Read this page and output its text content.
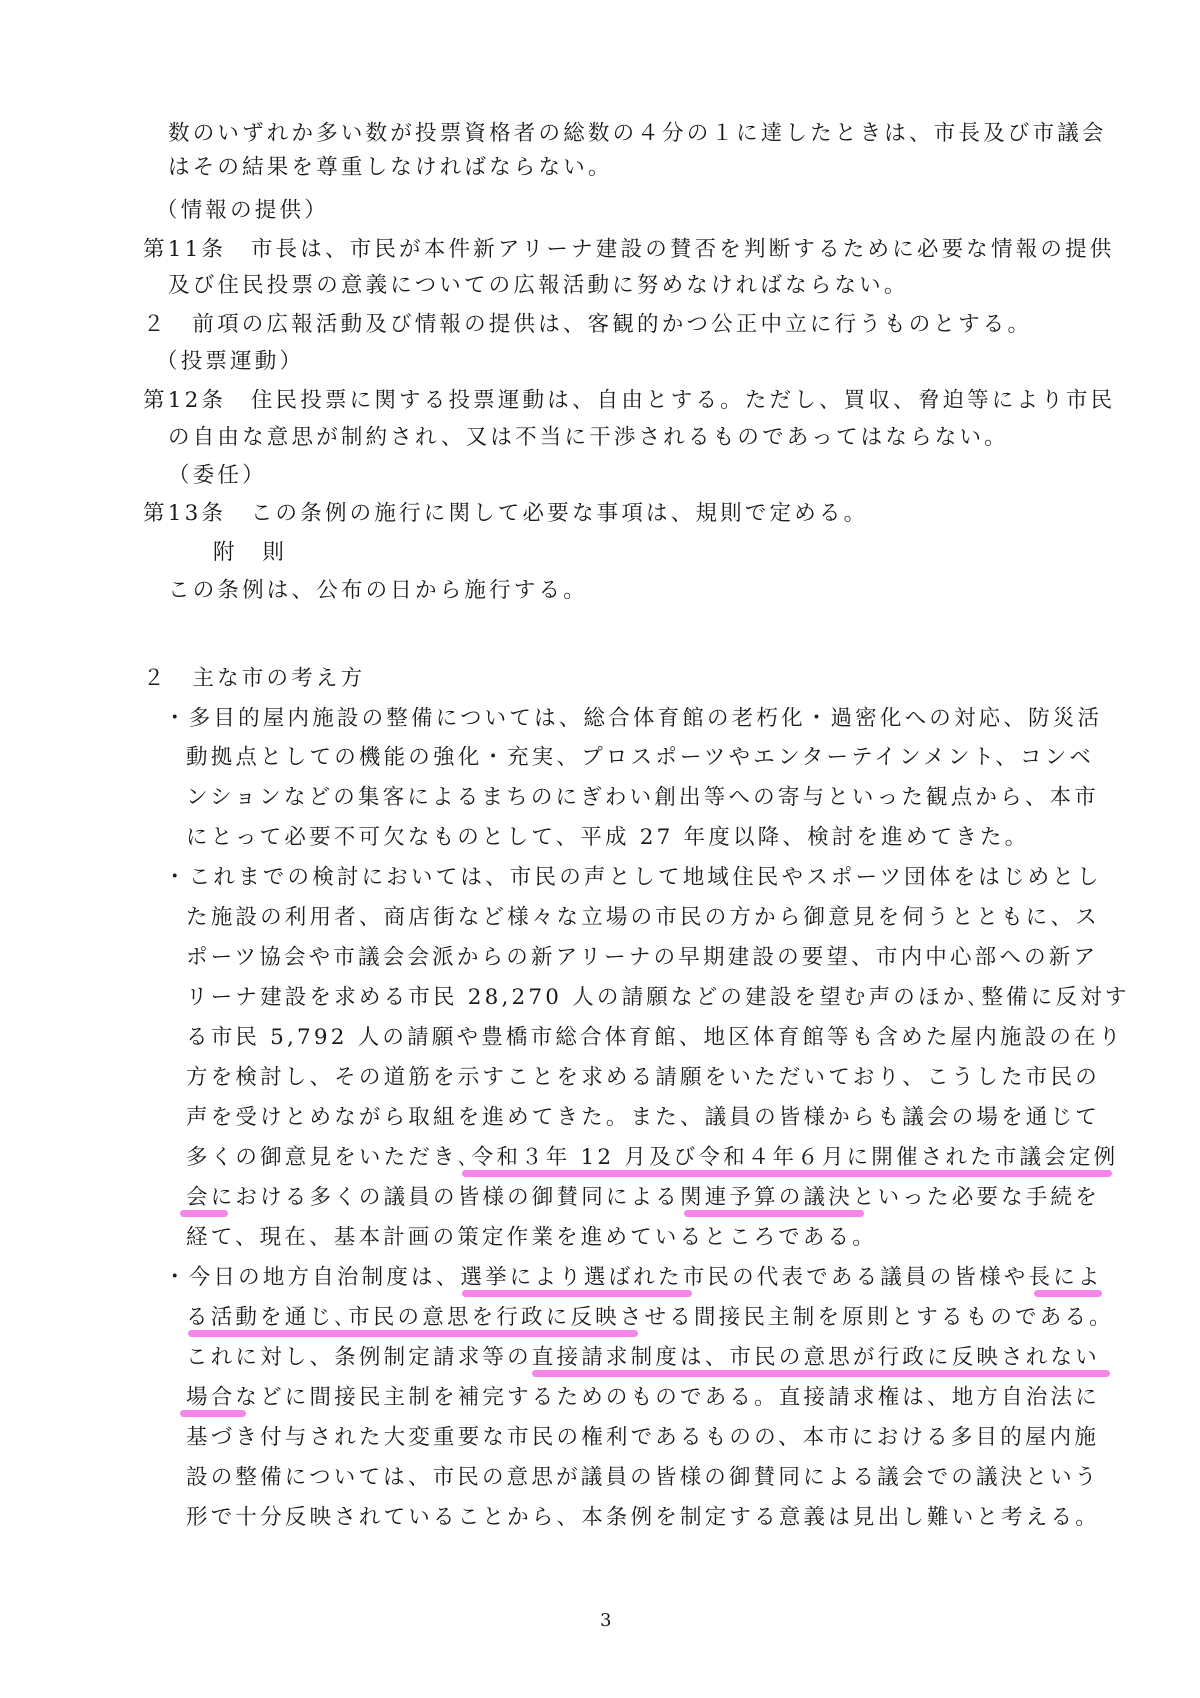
数のいずれか多い数が投票資格者の総数の４分の１に達したときは、市長及び市議会
はその結果を尊重しなければならない。
（情報の提供）
第11条　市長は、市民が本件新アリーナ建設の賛否を判断するために必要な情報の提供
及び住民投票の意義についての広報活動に努めなければならない。
２　前項の広報活動及び情報の提供は、客観的かつ公正中立に行うものとする。
（投票運動）
第12条　住民投票に関する投票運動は、自由とする。ただし、買収、脅迫等により市民
の自由な意思が制約され、又は不当に干渉されるものであってはならない。
（委任）
第13条　この条例の施行に関して必要な事項は、規則で定める。
附　則
この条例は、公布の日から施行する。
２　主な市の考え方
・多目的屋内施設の整備については、総合体育館の老朽化・過密化への対応、防災活
動拠点としての機能の強化・充実、プロスポーツやエンターテインメント、コンベ
ンションなどの集客によるまちのにぎわい創出等への寄与といった観点から、本市
にとって必要不可欠なものとして、平成 27 年度以降、検討を進めてきた。
・これまでの検討においては、市民の声として地域住民やスポーツ団体をはじめとし
た施設の利用者、商店街など様々な立場の市民の方から御意見を伺うとともに、ス
ポーツ協会や市議会会派からの新アリーナの早期建設の要望、市内中心部への新ア
リーナ建設を求める市民 28,270 人の請願などの建設を望む声のほか､整備に反対す
る市民 5,792 人の請願や豊橋市総合体育館、地区体育館等も含めた屋内施設の在り
方を検討し、その道筋を示すことを求める請願をいただいており、こうした市民の
声を受けとめながら取組を進めてきた。また、議員の皆様からも議会の場を通じて
多くの御意見をいただき､令和３年 12 月及び令和４年６月に開催された市議会定例
会における多くの議員の皆様の御賛同による関連予算の議決といった必要な手続を
経て、現在、基本計画の策定作業を進めているところである。
・今日の地方自治制度は、選挙により選ばれた市民の代表である議員の皆様や長によ
る活動を通じ､市民の意思を行政に反映させる間接民主制を原則とするものである。
これに対し、条例制定請求等の直接請求制度は、市民の意思が行政に反映されない
場合などに間接民主制を補完するためのものである。直接請求権は、地方自治法に
基づき付与された大変重要な市民の権利であるものの、本市における多目的屋内施
設の整備については、市民の意思が議員の皆様の御賛同による議会での議決という
形で十分反映されていることから、本条例を制定する意義は見出し難いと考える。
3
